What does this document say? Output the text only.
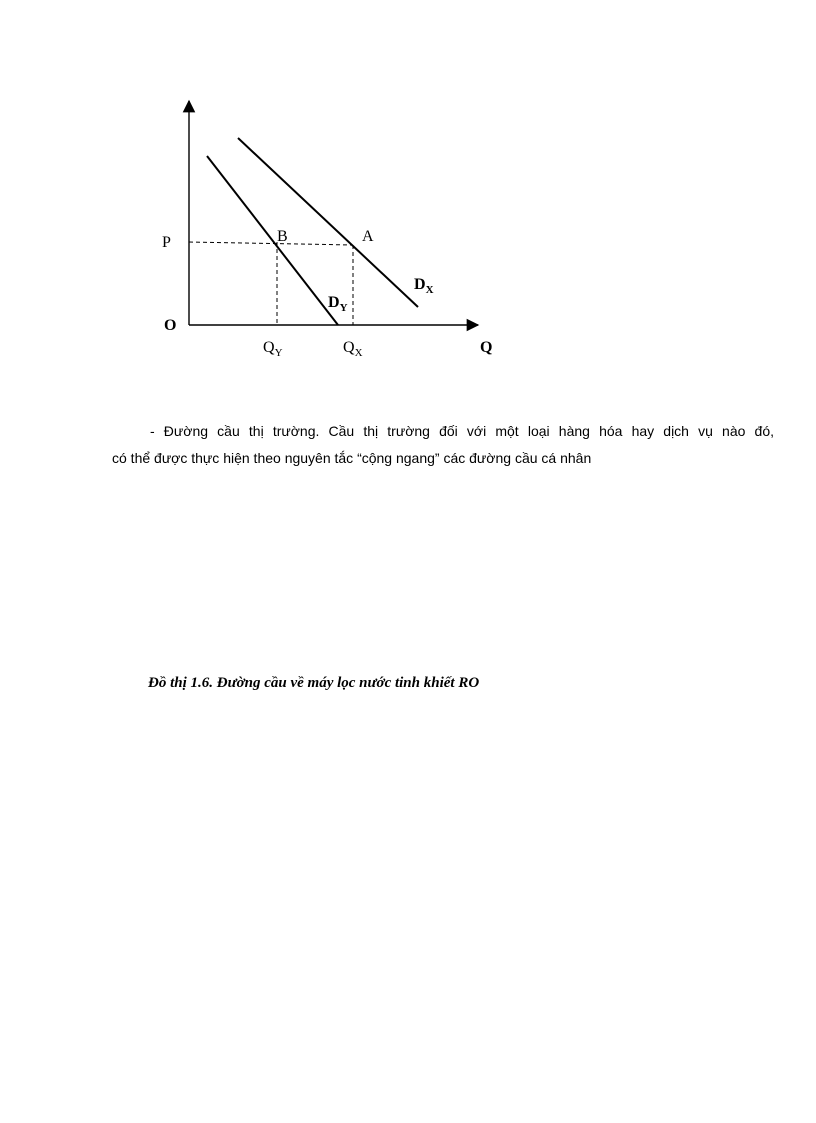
P
O
Q
B	A
$D_X$
$D_Y$
$Q_Y$	$Q_X$

- Đường cầu thị trường. Cầu thị trường đối với một loại hàng hóa hay dịch vụ nào đó,

có thể được thực hiện theo nguyên tắc “cộng ngang” các đường cầu cá nhân

Đồ thị 1.6. Đường cầu về máy lọc nước tinh khiết RO
